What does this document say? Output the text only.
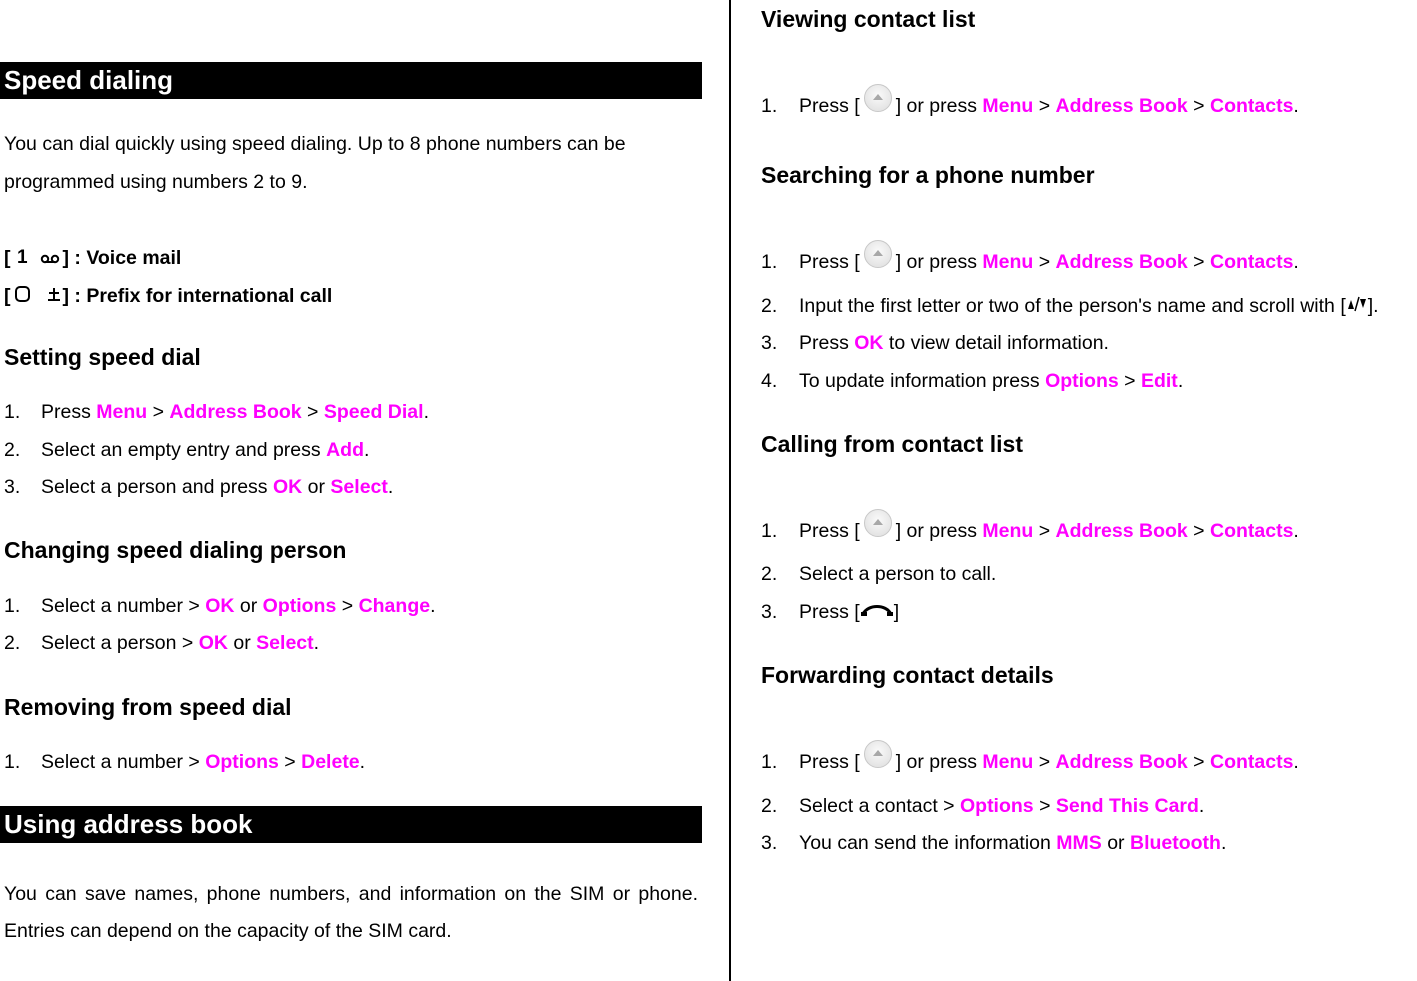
Speed dialing
You can dial quickly using speed dialing. Up to 8 phone numbers can be
programmed using numbers 2 to 9.
[ 1 ] : Voice mail
[	] : Prefix for international call
Setting speed dial
1. Press Menu > Address Book > Speed Dial.
2. Select an empty entry and press Add.
3. Select a person and press OK or Select.
Changing speed dialing person
1. Select a number > OK or Options > Change.
2. Select a person > OK or Select.
Removing from speed dial
1. Select a number > Options > Delete.
Using address book
You can save names, phone numbers, and information on the SIM or phone. Entries can depend on the capacity of the SIM card.
Viewing contact list
1. Press [ ] or press Menu > Address Book > Contacts.
Searching for a phone number
1. Press [ ] or press Menu > Address Book > Contacts.
2. Input the first letter or two of the person's name and scroll with [ ].
3. Press OK to view detail information.
4. To update information press Options > Edit.
Calling from contact list
1. Press [ ] or press Menu > Address Book > Contacts.
2. Select a person to call.
3. Press [ ]
Forwarding contact details
1. Press [ ] or press Menu > Address Book > Contacts.
2. Select a contact > Options > Send This Card.
3. You can send the information MMS or Bluetooth.
